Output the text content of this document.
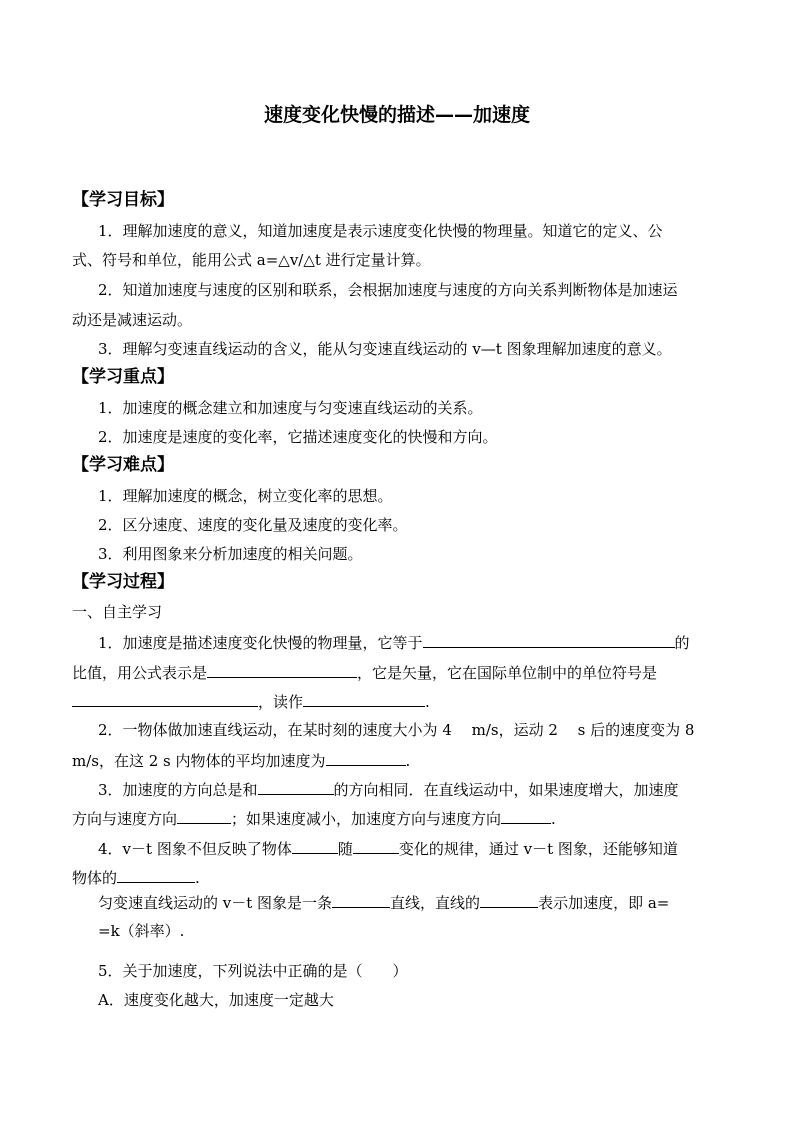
速度变化快慢的描述——加速度
【学习目标】
1．理解加速度的意义，知道加速度是表示速度变化快慢的物理量。知道它的定义、公
式、符号和单位，能用公式 a=△v/△t 进行定量计算。
2．知道加速度与速度的区别和联系，会根据加速度与速度的方向关系判断物体是加速运
动还是减速运动。
3．理解匀变速直线运动的含义，能从匀变速直线运动的 v—t 图象理解加速度的意义。
【学习重点】
1．加速度的概念建立和加速度与匀变速直线运动的关系。
2．加速度是速度的变化率，它描述速度变化的快慢和方向。
【学习难点】
1．理解加速度的概念，树立变化率的思想。
2．区分速度、速度的变化量及速度的变化率。
3．利用图象来分析加速度的相关问题。
【学习过程】
一、自主学习
1．加速度是描述速度变化快慢的物理量，它等于	的
比值，用公式表示是	，它是矢量，它在国际单位制中的单位符号是
，读作	.
2．一物体做加速直线运动，在某时刻的速度大小为 4　 m/s，运动 2　 s 后的速度变为 8
m/s，在这 2 s 内物体的平均加速度为	.
3．加速度的方向总是和	的方向相同．在直线运动中，如果速度增大，加速度
方向与速度方向	；如果速度减小，加速度方向与速度方向	.
4．v－t 图象不但反映了物体	随	变化的规律，通过 v－t 图象，还能够知道
物体的	.
匀变速直线运动的 v－t 图象是一条	直线，直线的	表示加速度，即 a=
=k（斜率）.
5．关于加速度，下列说法中正确的是（　　）
A．速度变化越大，加速度一定越大
